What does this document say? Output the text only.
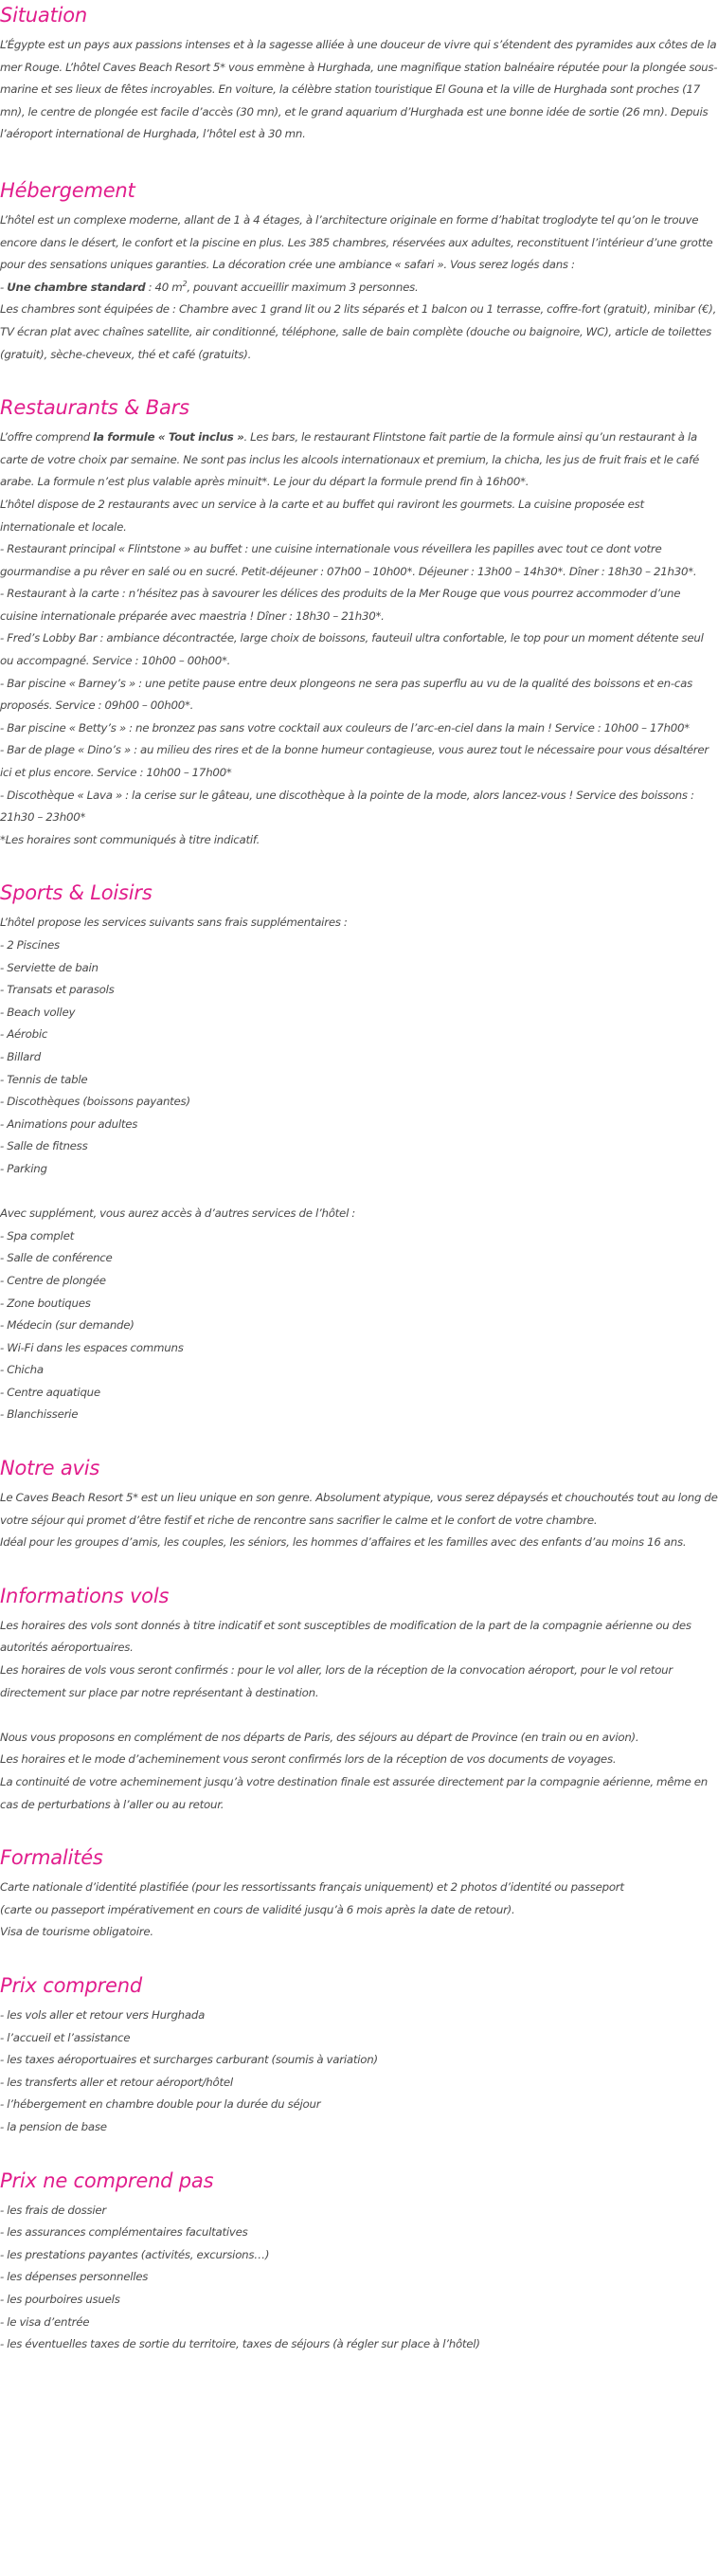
Situation

L’Égypte est un pays aux passions intenses et à la sagesse alliée à une douceur de vivre qui s’étendent des pyramides aux côtes de la mer Rouge. L’hôtel Caves Beach Resort 5* vous emmène à Hurghada, une magnifique station balnéaire réputée pour la plongée sous-marine et ses lieux de fêtes incroyables. En voiture, la célèbre station touristique El Gouna et la ville de Hurghada sont proches (17 mn), le centre de plongée est facile d’accès (30 mn), et le grand aquarium d’Hurghada est une bonne idée de sortie (26 mn). Depuis l’aéroport international de Hurghada, l’hôtel est à 30 mn.

Hébergement

L’hôtel est un complexe moderne, allant de 1 à 4 étages, à l’architecture originale en forme d’habitat troglodyte tel qu’on le trouve encore dans le désert, le confort et la piscine en plus. Les 385 chambres, réservées aux adultes, reconstituent l’intérieur d’une grotte pour des sensations uniques garanties. La décoration crée une ambiance « safari ». Vous serez logés dans :

- Une chambre standard : 40 $m^2$, pouvant accueillir maximum 3 personnes.

Les chambres sont équipées de : Chambre avec 1 grand lit ou 2 lits séparés et 1 balcon ou 1 terrasse, coffre-fort (gratuit), minibar (€), TV écran plat avec chaînes satellite, air conditionné, téléphone, salle de bain complète (douche ou baignoire, WC), article de toilettes (gratuit), sèche-cheveux, thé et café (gratuits).

Restaurants & Bars

L’offre comprend la formule « Tout inclus ». Les bars, le restaurant Flintstone fait partie de la formule ainsi qu’un restaurant à la carte de votre choix par semaine. Ne sont pas inclus les alcools internationaux et premium, la chicha, les jus de fruit frais et le café arabe. La formule n’est plus valable après minuit*. Le jour du départ la formule prend fin à 16h00*.

L’hôtel dispose de 2 restaurants avec un service à la carte et au buffet qui raviront les gourmets. La cuisine proposée est internationale et locale.

- Restaurant principal « Flintstone » au buffet : une cuisine internationale vous réveillera les papilles avec tout ce dont votre gourmandise a pu rêver en salé ou en sucré. Petit-déjeuner : 07h00 – 10h00*. Déjeuner : 13h00 – 14h30*. Dîner : 18h30 – 21h30*.

- Restaurant à la carte : n’hésitez pas à savourer les délices des produits de la Mer Rouge que vous pourrez accommoder d’une cuisine internationale préparée avec maestria ! Dîner : 18h30 – 21h30*.

- Fred’s Lobby Bar : ambiance décontractée, large choix de boissons, fauteuil ultra confortable, le top pour un moment détente seul ou accompagné. Service : 10h00 – 00h00*.

- Bar piscine « Barney’s » : une petite pause entre deux plongeons ne sera pas superflu au vu de la qualité des boissons et en-cas proposés. Service : 09h00 – 00h00*.

- Bar piscine « Betty’s » : ne bronzez pas sans votre cocktail aux couleurs de l’arc-en-ciel dans la main ! Service : 10h00 – 17h00*

- Bar de plage « Dino’s » : au milieu des rires et de la bonne humeur contagieuse, vous aurez tout le nécessaire pour vous désaltérer ici et plus encore. Service : 10h00 – 17h00*

- Discothèque « Lava » : la cerise sur le gâteau, une discothèque à la pointe de la mode, alors lancez-vous ! Service des boissons : 21h30 – 23h00*

*Les horaires sont communiqués à titre indicatif.

Sports & Loisirs

L’hôtel propose les services suivants sans frais supplémentaires :

- 2 Piscines
- Serviette de bain
- Transats et parasols
- Beach volley
- Aérobic
- Billard
- Tennis de table
- Discothèques (boissons payantes)
- Animations pour adultes
- Salle de fitness
- Parking

Avec supplément, vous aurez accès à d’autres services de l’hôtel :

- Spa complet
- Salle de conférence
- Centre de plongée
- Zone boutiques
- Médecin (sur demande)
- Wi-Fi dans les espaces communs
- Chicha
- Centre aquatique
- Blanchisserie
Notre avis

Le Caves Beach Resort 5* est un lieu unique en son genre. Absolument atypique, vous serez dépaysés et chouchoutés tout au long de votre séjour qui promet d’être festif et riche de rencontre sans sacrifier le calme et le confort de votre chambre.

Idéal pour les groupes d’amis, les couples, les séniors, les hommes d’affaires et les familles avec des enfants d’au moins 16 ans.

Informations vols

Les horaires des vols sont donnés à titre indicatif et sont susceptibles de modification de la part de la compagnie aérienne ou des autorités aéroportuaires.

Les horaires de vols vous seront confirmés : pour le vol aller, lors de la réception de la convocation aéroport, pour le vol retour directement sur place par notre représentant à destination.

Nous vous proposons en complément de nos départs de Paris, des séjours au départ de Province (en train ou en avion).

Les horaires et le mode d’acheminement vous seront confirmés lors de la réception de vos documents de voyages.

La continuité de votre acheminement jusqu’à votre destination finale est assurée directement par la compagnie aérienne, même en cas de perturbations à l’aller ou au retour.

Formalités

Carte nationale d’identité plastifiée (pour les ressortissants français uniquement) et 2 photos d’identité ou passeport (carte ou passeport impérativement en cours de validité jusqu’à 6 mois après la date de retour).

Visa de tourisme obligatoire.

Prix comprend
- les vols aller et retour vers Hurghada
- l’accueil et l’assistance
- les taxes aéroportuaires et surcharges carburant (soumis à variation)
- les transferts aller et retour aéroport/hôtel
- l’hébergement en chambre double pour la durée du séjour
- la pension de base
Prix ne comprend pas
- les frais de dossier
- les assurances complémentaires facultatives
- les prestations payantes (activités, excursions…)
- les dépenses personnelles
- les pourboires usuels
- le visa d’entrée
- les éventuelles taxes de sortie du territoire, taxes de séjours (à régler sur place à l’hôtel)
